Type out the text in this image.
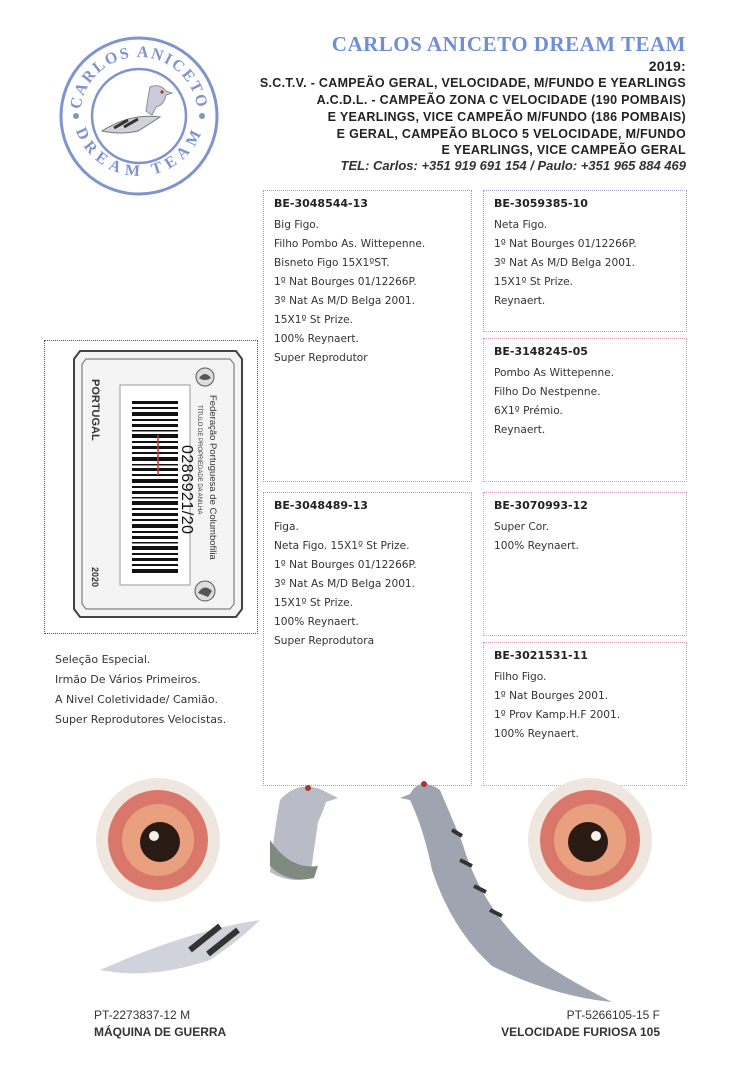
CARLOS ANICETO DREAM TEAM
2019:
S.C.T.V. - CAMPEÃO GERAL, VELOCIDADE, M/FUNDO E YEARLINGS
A.C.D.L. - CAMPEÃO ZONA C VELOCIDADE (190 POMBAIS)
E YEARLINGS, VICE CAMPEÃO M/FUNDO (186 POMBAIS)
E GERAL, CAMPEÃO BLOCO 5 VELOCIDADE, M/FUNDO
E YEARLINGS, VICE CAMPEÃO GERAL
TEL: Carlos: +351 919 691 154 / Paulo: +351 965 884 469
CARLOS ANICETO
DREAM TEAM
BE-3048544-13
Big Figo.
Filho Pombo As. Wittepenne.
Bisneto Figo 15X1ºST.
1º Nat Bourges 01/12266P.
3º Nat As M/D Belga 2001.
15X1º St Prize.
100% Reynaert.
Super Reprodutor
BE-3059385-10
Neta Figo.
1º Nat Bourges 01/12266P.
3º Nat As M/D Belga 2001.
15X1º St Prize.
Reynaert.
BE-3148245-05
Pombo As Wittepenne.
Filho Do Nestpenne.
6X1º Prémio.
Reynaert.
BE-3048489-13
Figa.
Neta Figo. 15X1º St Prize.
1º Nat Bourges 01/12266P.
3º Nat As M/D Belga 2001.
15X1º St Prize.
100% Reynaert.
Super Reprodutora
BE-3070993-12
Super Cor.
100% Reynaert.
BE-3021531-11
Filho Figo.
1º Nat Bourges 2001.
1º Prov Kamp.H.F 2001.
100% Reynaert.
Federação Portuguesa de Columbofilia
TÍTULO DE PROPRIEDADE DA ANILHA
0286921/20
PORTUGAL
2020
Seleção Especial.
Irmão De Vários Primeiros.
A Nivel Coletividade/ Camião.
Super Reprodutores Velocistas.
PT-2273837-12 M
MÁQUINA DE GUERRA
PT-5266105-15 F
VELOCIDADE FURIOSA 105
